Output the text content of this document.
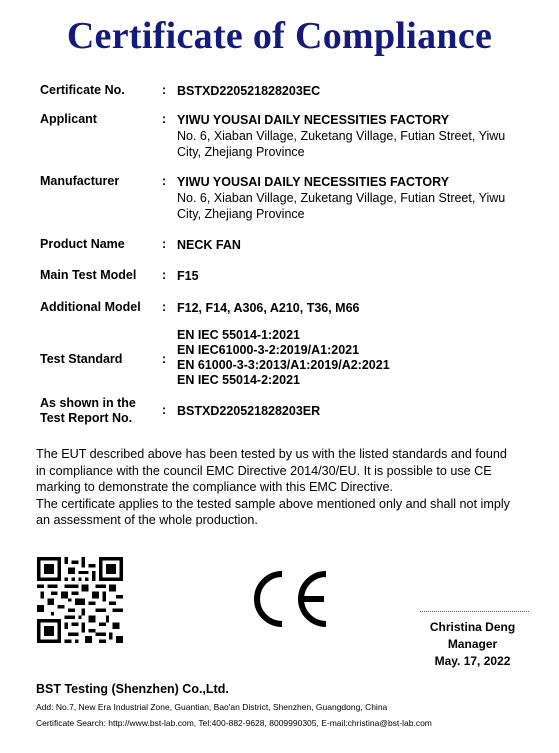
Certificate of Compliance
Certificate No.	: BSTXD220521828203EC
Applicant	: YIWU YOUSAI DAILY NECESSITIES FACTORY
No. 6, Xiaban Village, Zuketang Village, Futian Street, Yiwu
City, Zhejiang Province
Manufacturer	: YIWU YOUSAI DAILY NECESSITIES FACTORY
No. 6, Xiaban Village, Zuketang Village, Futian Street, Yiwu
City, Zhejiang Province
Product Name	: NECK FAN
Main Test Model : F15
Additional Model : F12, F14, A306, A210, T36, M66
Test Standard	:
EN IEC 55014-1:2021
EN IEC61000-3-2:2019/A1:2021
EN 61000-3-3:2013/A1:2019/A2:2021
EN IEC 55014-2:2021
As shown in the
Test Report No.
: BSTXD220521828203ER
The EUT described above has been tested by us with the listed standards and found
in compliance with the council EMC Directive 2014/30/EU. It is possible to use CE
marking to demonstrate the compliance with this EMC Directive.
The certificate applies to the tested sample above mentioned only and shall not imply
an assessment of the whole production.
Christina Deng
Manager
May. 17, 2022
BST Testing (Shenzhen) Co.,Ltd.
Add: No.7, New Era Industrial Zone, Guantian, Bao'an District, Shenzhen, Guangdong, China
Certificate Search: http://www.bst-lab.com, Tel:400-882-9628, 8009990305, E-mail:christina@bst-lab.com
